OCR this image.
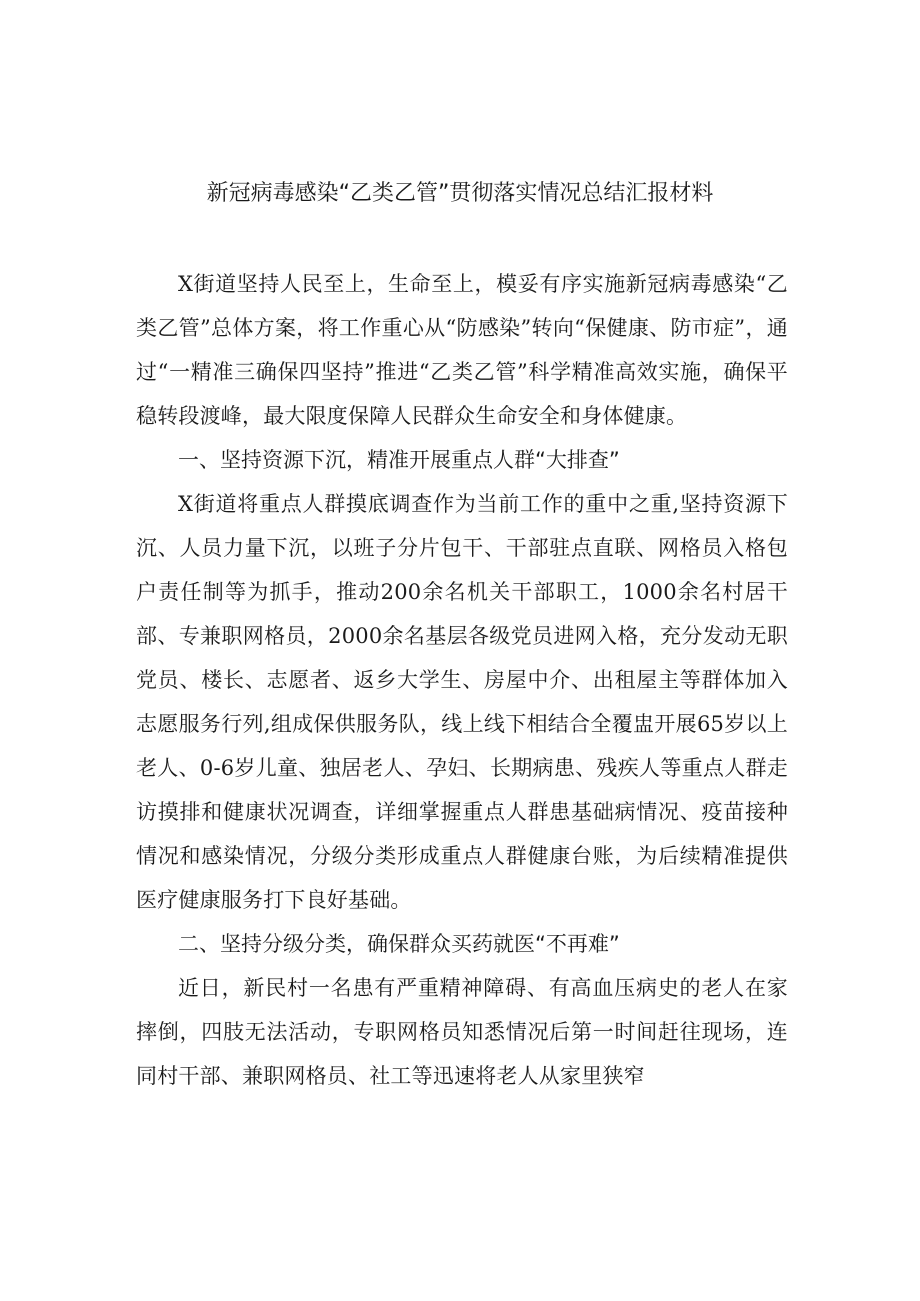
新冠病毒感染“乙类乙管”贯彻落实情况总结汇报材料

X街道坚持人民至上，生命至上，模妥有序实施新冠病毒感染“乙类乙管”总体方案，将工作重心从“防感染”转向“保健康、防市症”，通过“一精准三确保四坚持”推进“乙类乙管”科学精准高效实施，确保平稳转段渡峰，最大限度保障人民群众生命安全和身体健康。

一、坚持资源下沉，精准开展重点人群“大排查”

X街道将重点人群摸底调查作为当前工作的重中之重,坚持资源下沉、人员力量下沉，以班子分片包干、干部驻点直联、网格员入格包户责任制等为抓手，推动200余名机关干部职工，1000余名村居干部、专兼职网格员，2000余名基层各级党员进网入格，充分发动无职党员、楼长、志愿者、返乡大学生、房屋中介、出租屋主等群体加入志愿服务行列,组成保供服务队，线上线下相结合全覆盅开展65岁以上老人、0-6岁儿童、独居老人、孕妇、长期病患、残疾人等重点人群走访摸排和健康状况调查，详细掌握重点人群患基础病情况、疫苗接种情况和感染情况，分级分类形成重点人群健康台账，为后续精准提供医疗健康服务打下良好基础。

二、坚持分级分类，确保群众买药就医“不再难”

近日，新民村一名患有严重精神障碍、有高血压病史的老人在家摔倒，四肢无法活动，专职网格员知悉情况后第一时间赶往现场，连同村干部、兼职网格员、社工等迅速将老人从家里狭窄
